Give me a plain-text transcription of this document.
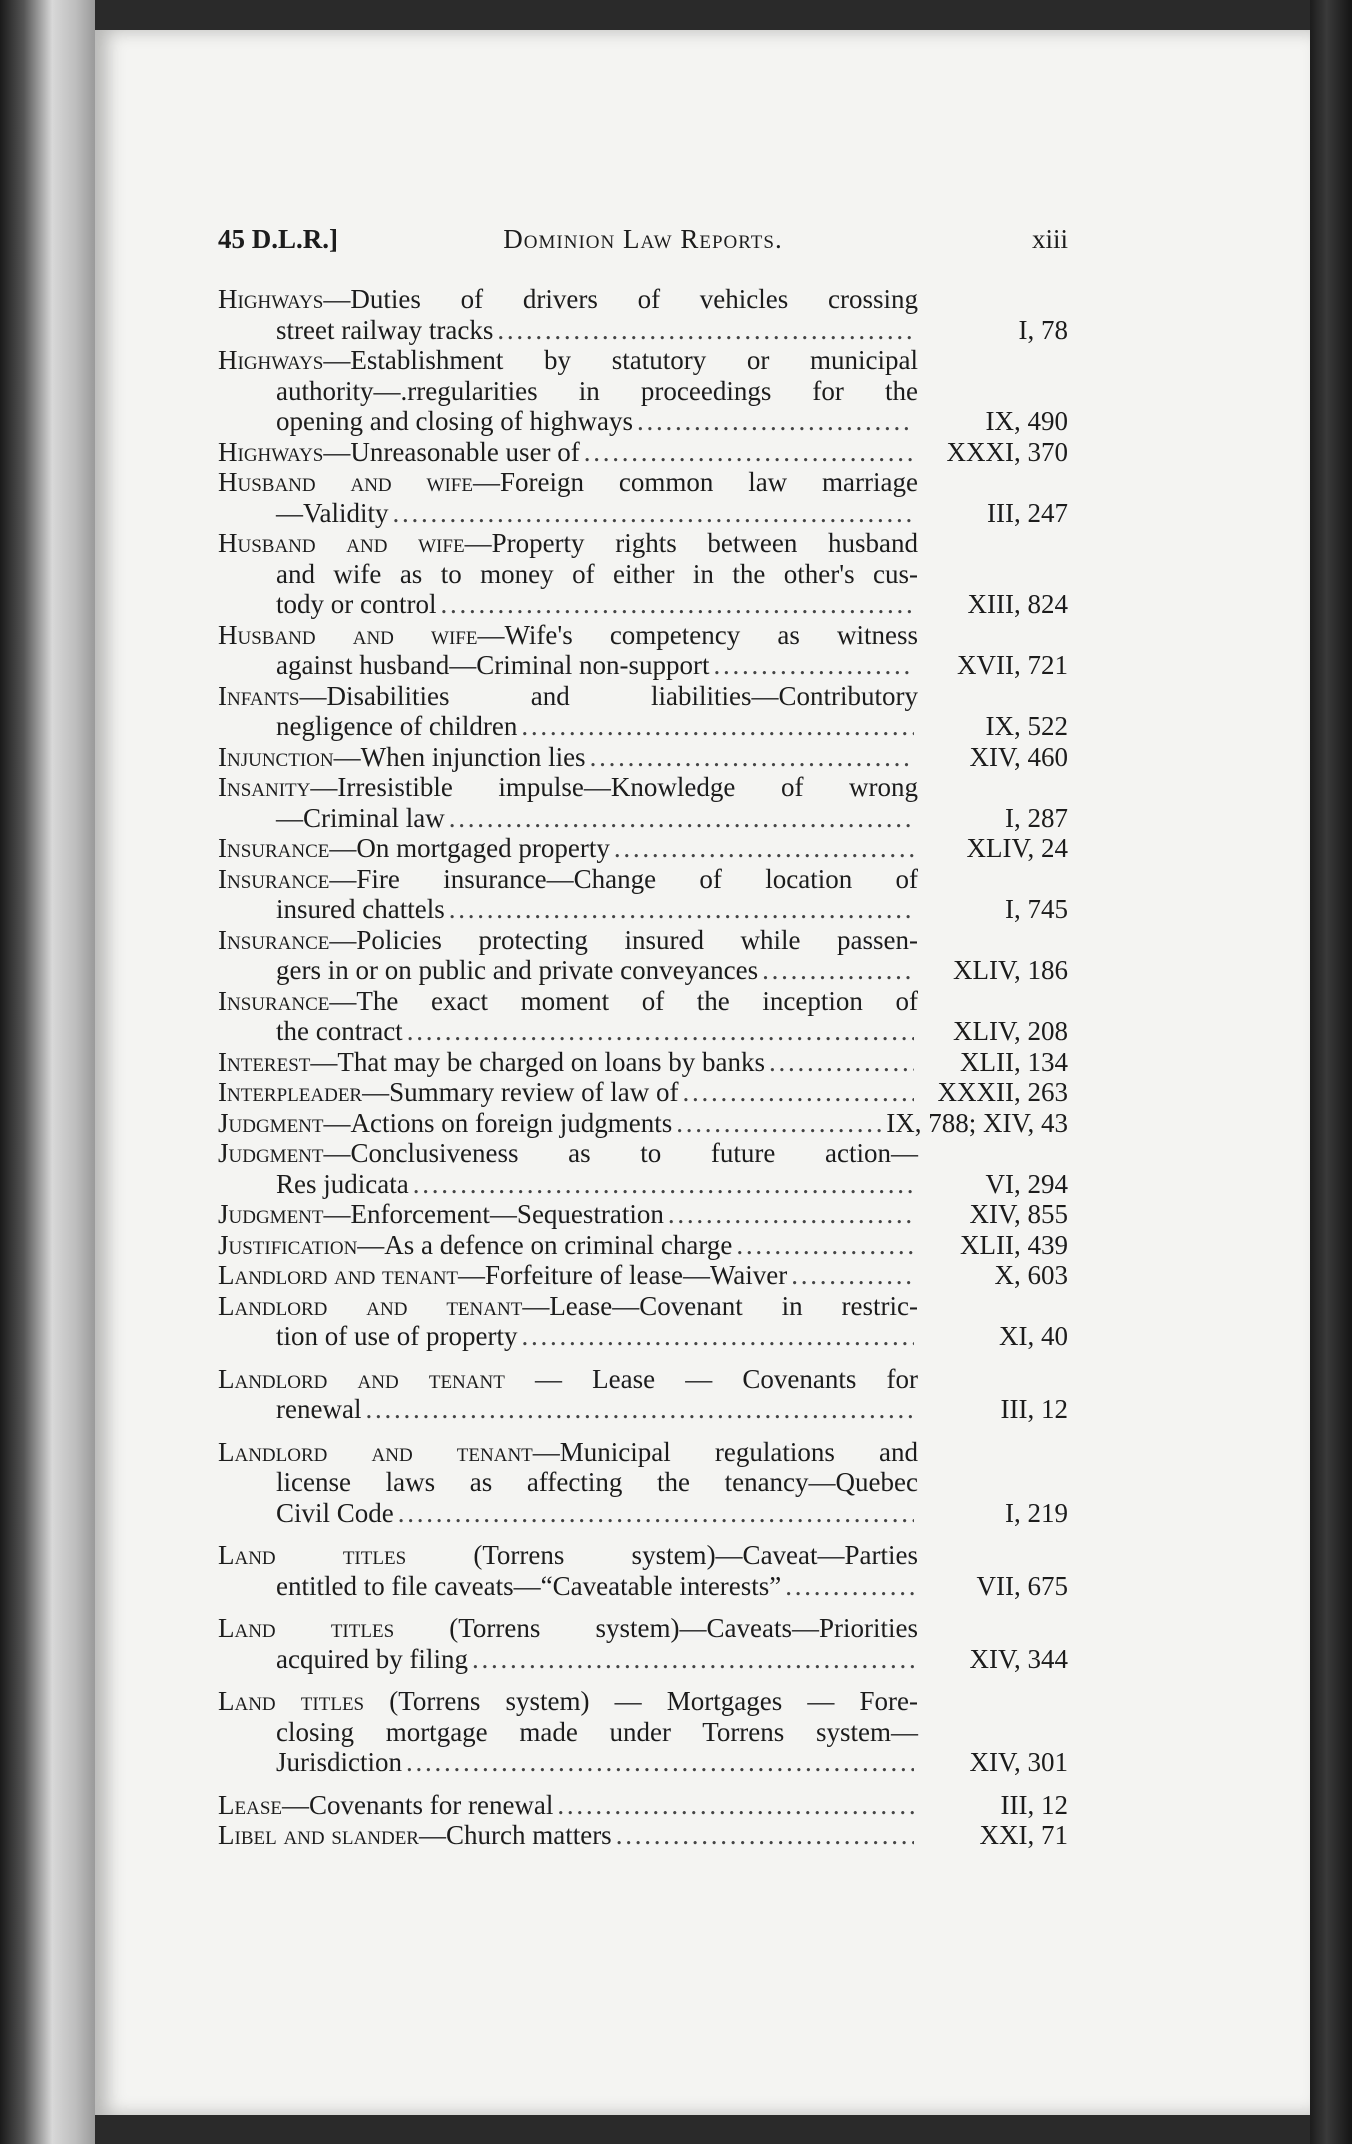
45 D.L.R.]	Dominion Law Reports.	xiii
Highways—Duties of drivers of vehicles crossing
street railway tracks . . .	I, 78
Highways—Establishment by statutory or municipal
authority—.rregularities in proceedings for the
opening and closing of highways . . .	IX, 490
Highways—Unreasonable user of . . .	XXXI, 370
Husband and wife—Foreign common law marriage
—Validity . . .	III, 247
Husband and wife—Property rights between husband
and wife as to money of either in the other's cus-
tody or control . . .	XIII, 824
Husband and wife—Wife's competency as witness
against husband—Criminal non-support . . .	XVII, 721
Infants—Disabilities and liabilities—Contributory
negligence of children . . .	IX, 522
Injunction—When injunction lies . . .	XIV, 460
Insanity—Irresistible impulse—Knowledge of wrong
—Criminal law . . .	I, 287
Insurance—On mortgaged property . . .	XLIV, 24
Insurance—Fire insurance—Change of location of
insured chattels . . .	I, 745
Insurance—Policies protecting insured while passen-
gers in or on public and private conveyances . . .	XLIV, 186
Insurance—The exact moment of the inception of
the contract . . .	XLIV, 208
Interest—That may be charged on loans by banks . . .	XLII, 134
Interpleader—Summary review of law of . . .	XXXII, 263
Judgment—Actions on foreign judgments . . .	IX, 788; XIV, 43
Judgment—Conclusiveness as to future action—
Res judicata . . .	VI, 294
Judgment—Enforcement—Sequestration . . .	XIV, 855
Justification—As a defence on criminal charge . . .	XLII, 439
Landlord and tenant—Forfeiture of lease—Waiver . . .	X, 603
Landlord and tenant—Lease—Covenant in restric-
tion of use of property . . .	XI, 40
Landlord and tenant — Lease — Covenants for
renewal . . .	III, 12
Landlord and tenant—Municipal regulations and
license laws as affecting the tenancy—Quebec
Civil Code . . .	I, 219
Land titles (Torrens system)—Caveat—Parties
entitled to file caveats—“Caveatable interests” . . .	VII, 675
Land titles (Torrens system)—Caveats—Priorities
acquired by filing . . .	XIV, 344
Land titles (Torrens system) — Mortgages — Fore-
closing mortgage made under Torrens system—
Jurisdiction . . .	XIV, 301
Lease—Covenants for renewal . . .	III, 12
Libel and slander—Church matters . . .	XXI, 71
